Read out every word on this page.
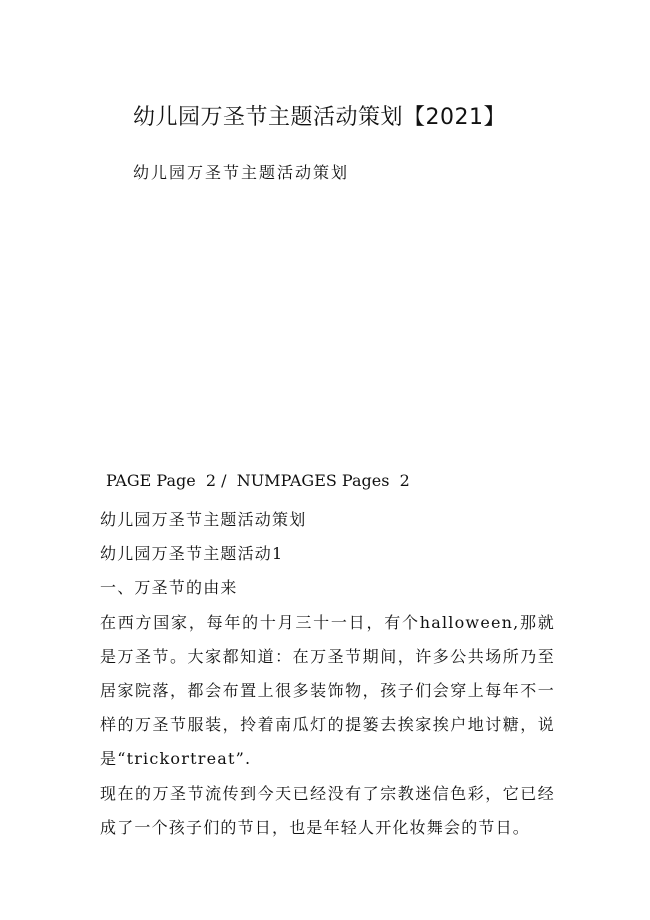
幼儿园万圣节主题活动策划【2021】
幼儿园万圣节主题活动策划
PAGE Page  2 /  NUMPAGES Pages  2
幼儿园万圣节主题活动策划
幼儿园万圣节主题活动1
一、万圣节的由来

在西方国家，每年的十月三十一日，有个halloween,那就是万圣节。大家都知道：在万圣节期间，许多公共场所乃至居家院落，都会布置上很多装饰物，孩子们会穿上每年不一样的万圣节服装，拎着南瓜灯的提篓去挨家挨户地讨糖，说是“trickortreat”.

现在的万圣节流传到今天已经没有了宗教迷信色彩，它已经成了一个孩子们的节日，也是年轻人开化妆舞会的节日。
